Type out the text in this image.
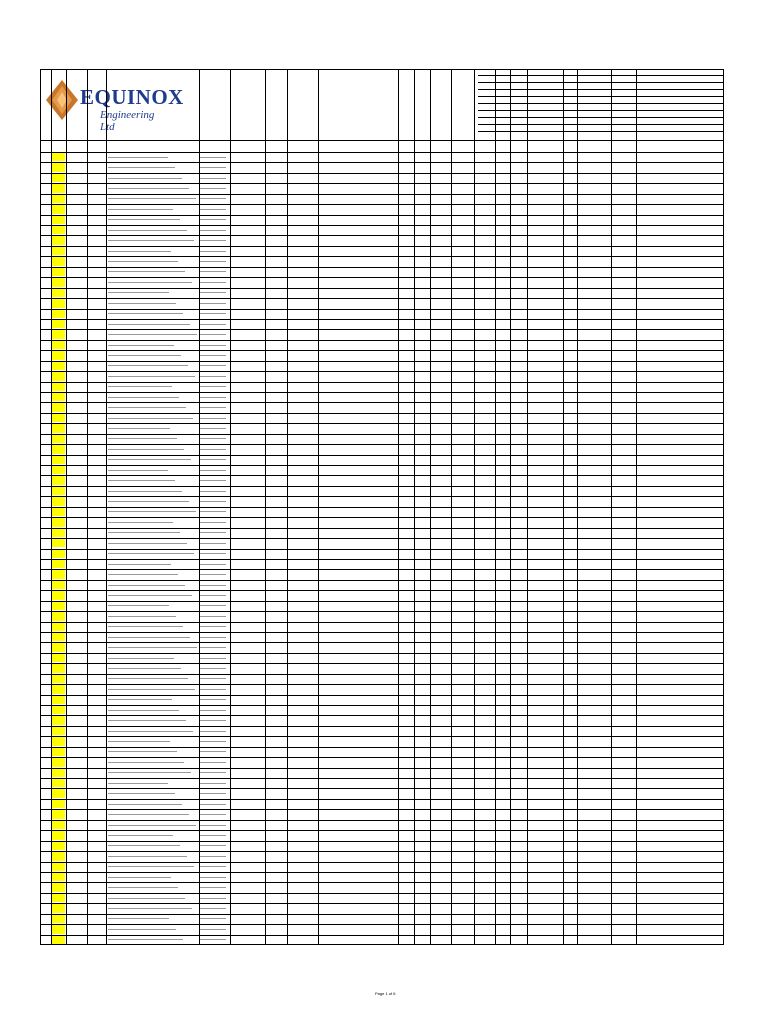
EQUINOX
Engineering Ltd
Page 1 of 6
